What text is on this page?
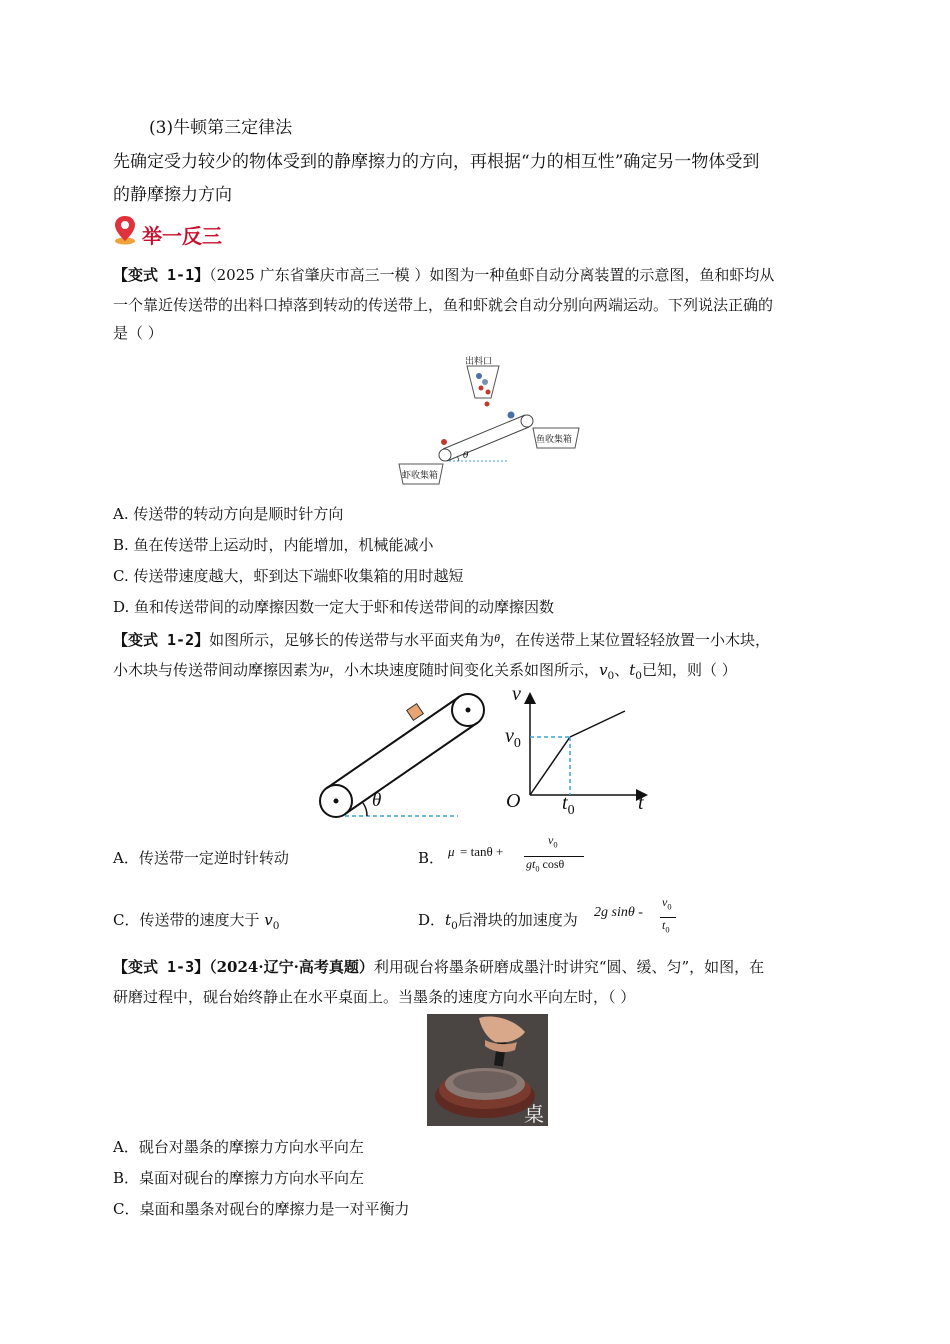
(3)牛顿第三定律法
先确定受力较少的物体受到的静摩擦力的方向，再根据“力的相互性”确定另一物体受到
的静摩擦力方向
举一反三
【变式 1-1】（2025 广东省肇庆市高三一模 ）如图为一种鱼虾自动分离装置的示意图，鱼和虾均从
一个靠近传送带的出料口掉落到转动的传送带上，鱼和虾就会自动分别向两端运动。下列说法正确的
是（ ）
出料口
鱼收集箱
虾收集箱
θ
A. 传送带的转动方向是顺时针方向
B. 鱼在传送带上运动时，内能增加，机械能减小
C. 传送带速度越大，虾到达下端虾收集箱的用时越短
D. 鱼和传送带间的动摩擦因数一定大于虾和传送带间的动摩擦因数
【变式 1-2】如图所示，足够长的传送带与水平面夹角为$^\theta$，在传送带上某位置轻轻放置一小木块，
小木块与传送带间动摩擦因素为$^\mu$，小木块速度随时间变化关系如图所示，$v_0$、$t_0$已知，则（ ）
θ
v
t
O
$v_0$
$t_0$
A．传送带一定逆时针转动	B． μ = tanθ +
$v_0$
$gt_0$ cosθ
C．传送带的速度大于 $v_0$	D．$t_0$后滑块的加速度为 2g sinθ -
$v_0$
$t_0$
【变式 1-3】（2024·辽宁·高考真题）利用砚台将墨条研磨成墨汁时讲究“圆、缓、匀”，如图，在
研磨过程中，砚台始终静止在水平桌面上。当墨条的速度方向水平向左时，（ ）
桌
A．砚台对墨条的摩擦力方向水平向左
B．桌面对砚台的摩擦力方向水平向左
C．桌面和墨条对砚台的摩擦力是一对平衡力
